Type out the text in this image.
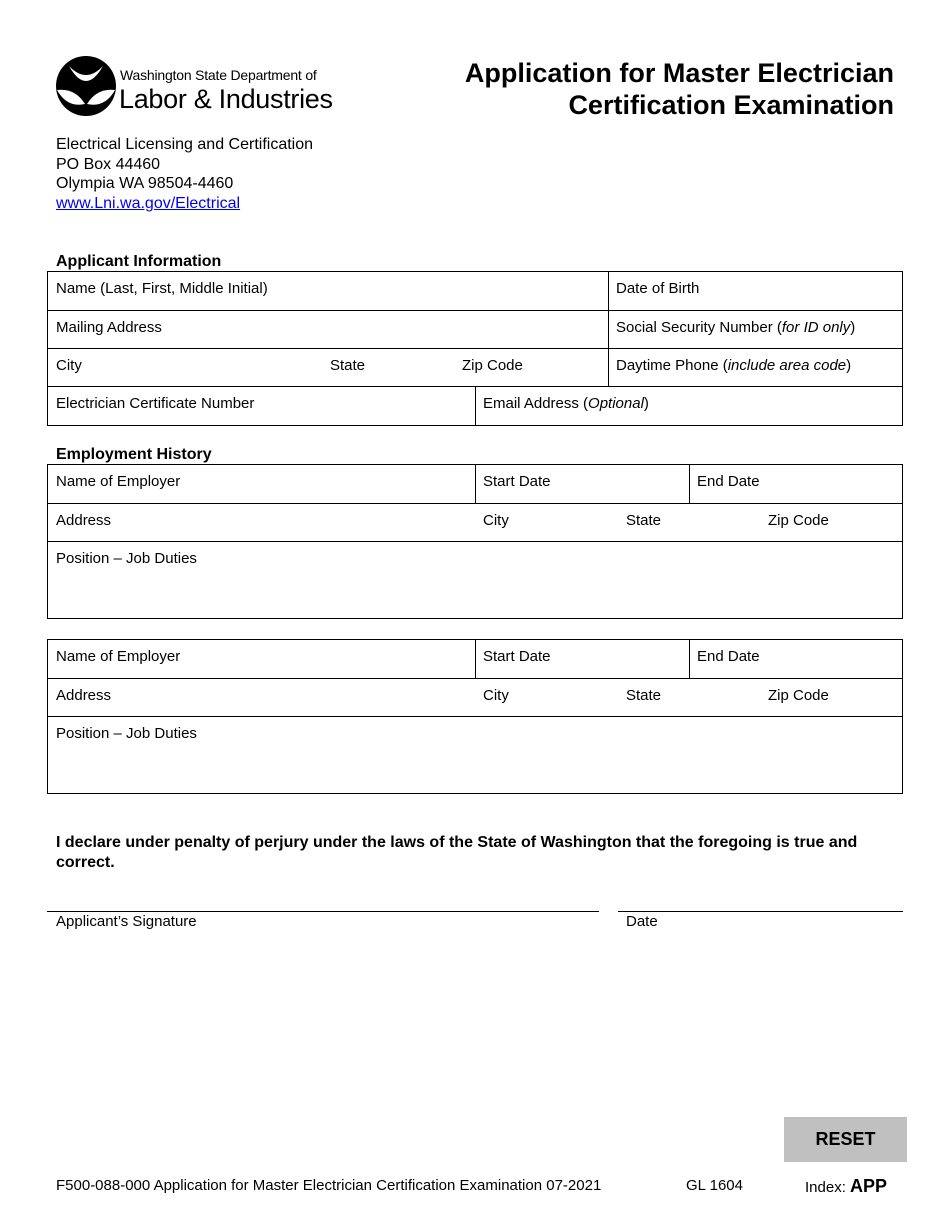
Washington State Department of
Labor & Industries
Application for Master Electrician
Certification Examination
Electrical Licensing and Certification
PO Box 44460
Olympia WA 98504-4460
www.Lni.wa.gov/Electrical
Applicant Information
Name (Last, First, Middle Initial)	Date of Birth
Mailing Address	Social Security Number (for ID only)
City	State	Zip Code	Daytime Phone (include area code)
Electrician Certificate Number	Email Address (Optional)
Employment History
Name of Employer	Start Date	End Date
Address	City	State	Zip Code
Position – Job Duties
Name of Employer	Start Date	End Date
Address	City	State	Zip Code
Position – Job Duties
I declare under penalty of perjury under the laws of the State of Washington that the foregoing is true and correct.
Applicant’s Signature	Date
RESET
F500-088-000 Application for Master Electrician Certification Examination 07-2021	GL 1604	Index: APP
